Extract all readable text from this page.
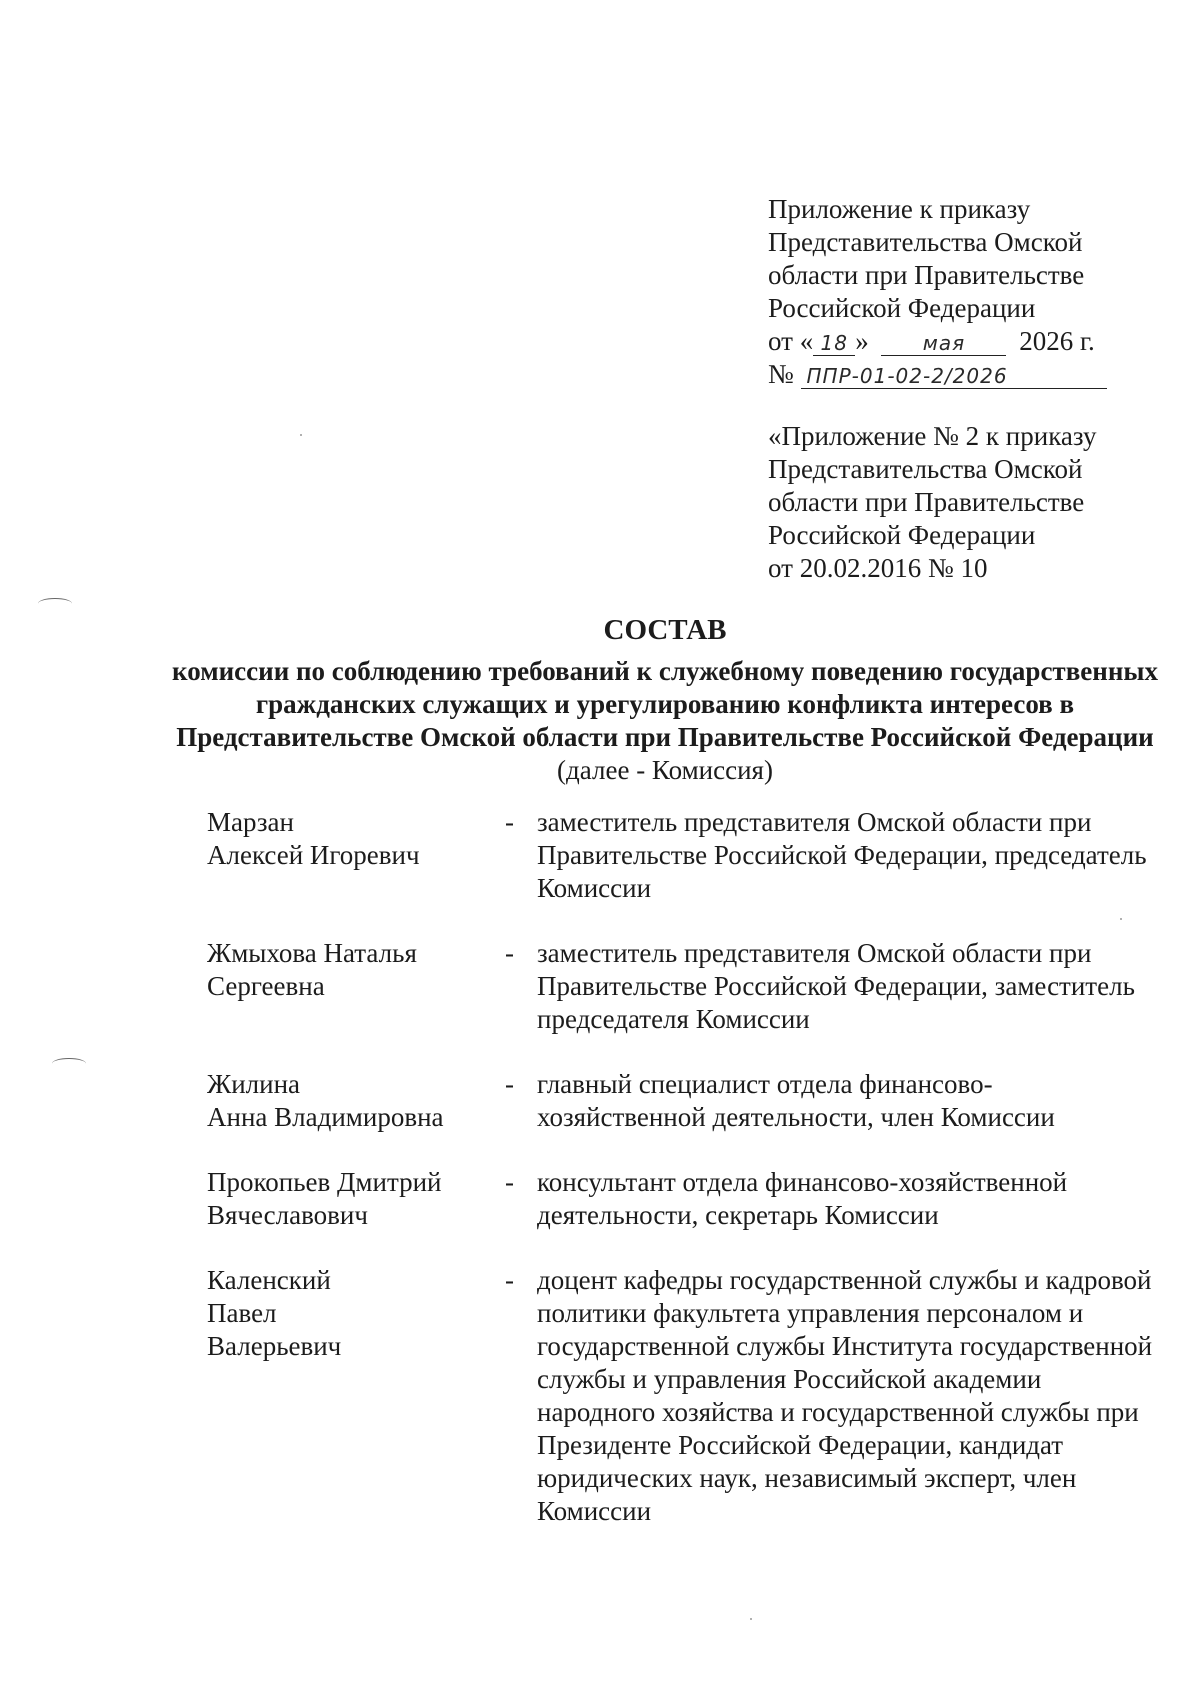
Приложение к приказу
Представительства Омской
области при Правительстве
Российской Федерации
от « 18 »	мая 2026 г.
№ ППР-01-02-2/2026
«Приложение № 2 к приказу
Представительства Омской
области при Правительстве
Российской Федерации
от 20.02.2016 № 10
СОСТАВ
комиссии по соблюдению требований к служебному поведению государственных гражданских служащих и урегулированию конфликта интересов в Представительстве Омской области при Правительстве Российской Федерации (далее - Комиссия)
Марзан
Алексей Игоревич
- заместитель представителя Омской области при Правительстве Российской Федерации, председатель Комиссии
Жмыхова Наталья
Сергеевна
- заместитель представителя Омской области при Правительстве Российской Федерации, заместитель председателя Комиссии
Жилина
Анна Владимировна
- главный специалист отдела финансово-хозяйственной деятельности, член Комиссии
Прокопьев Дмитрий
Вячеславович
- консультант отдела финансово-хозяйственной деятельности, секретарь Комиссии
Каленский
Павел
Валерьевич
- доцент кафедры государственной службы и кадровой политики факультета управления персоналом и государственной службы Института государственной службы и управления Российской академии народного хозяйства и государственной службы при Президенте Российской Федерации, кандидат юридических наук, независимый эксперт, член Комиссии
